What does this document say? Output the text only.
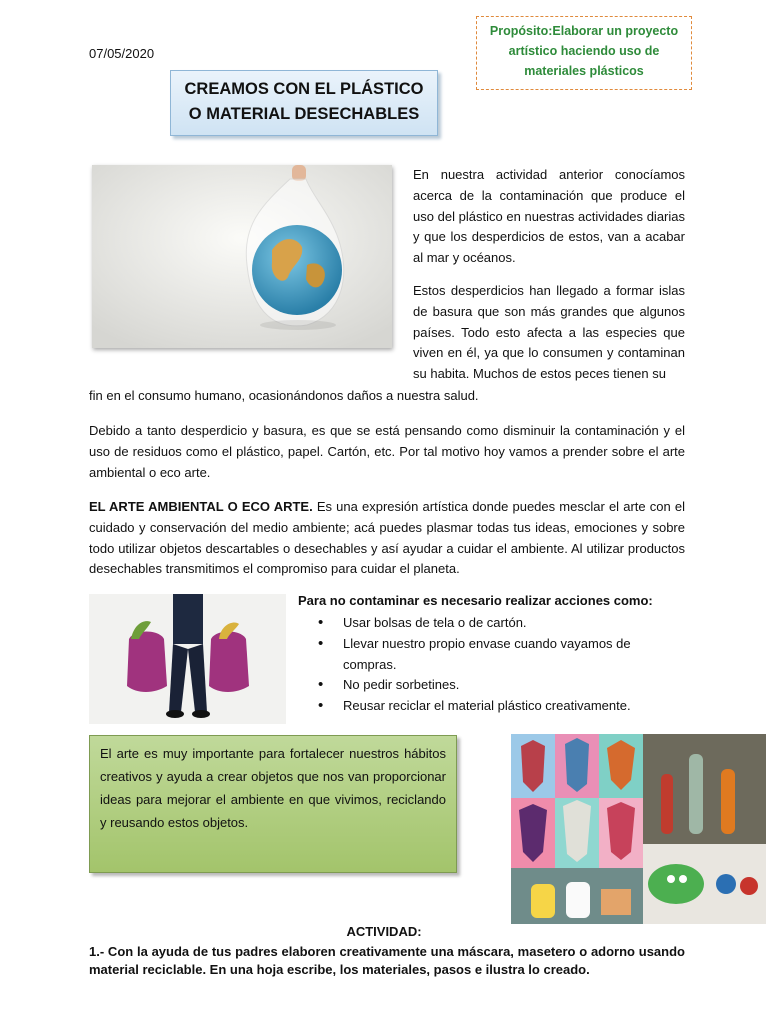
07/05/2020
Propósito:Elaborar un proyecto artístico haciendo uso de materiales plásticos
CREAMOS CON EL PLÁSTICO
O MATERIAL DESECHABLES

En nuestra actividad anterior conocíamos acerca de la contaminación que produce el uso del plástico en nuestras actividades diarias y que los desperdicios de estos, van a acabar al mar y océanos.

Estos desperdicios han llegado a formar islas de basura que son más grandes que algunos países. Todo esto afecta a las especies que viven en él, ya que lo consumen y contaminan su habita. Muchos de estos peces tienen su

fin en el consumo humano, ocasionándonos daños a nuestra salud.

Debido a tanto desperdicio y basura, es que se está pensando como disminuir la contaminación y el uso de residuos como el plástico, papel. Cartón, etc. Por tal motivo hoy vamos a prender sobre el arte ambiental o eco arte.

EL ARTE AMBIENTAL O ECO ARTE. Es una expresión artística donde puedes mesclar el arte con el cuidado y conservación del medio ambiente; acá puedes plasmar todas tus ideas, emociones y sobre todo utilizar objetos descartables o desechables y así ayudar a cuidar el ambiente. Al utilizar productos desechables transmitimos el compromiso para cuidar el planeta.

Para no contaminar es necesario realizar acciones como:
• Usar bolsas de tela o de cartón.
• Llevar nuestro propio envase cuando vayamos de compras.
• No pedir sorbetines.
• Reusar reciclar el material plástico creativamente.
El arte es muy importante para fortalecer nuestros hábitos creativos y ayuda a crear objetos que nos van proporcionar ideas para mejorar el ambiente en que vivimos, reciclando y reusando estos objetos.
ACTIVIDAD:

1.- Con la ayuda de tus padres elaboren creativamente una máscara, masetero o adorno usando material reciclable. En una hoja escribe, los materiales, pasos e ilustra lo creado.
